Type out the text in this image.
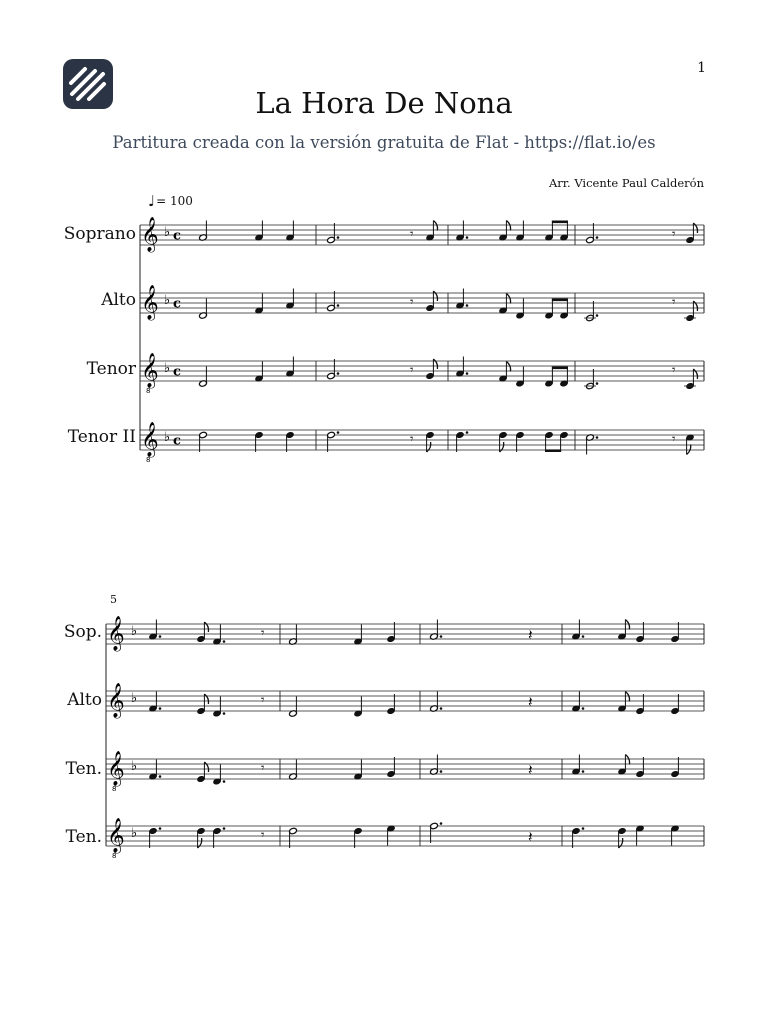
1
La Hora De Nona
Partitura creada con la versión gratuita de Flat - https://flat.io/es
Arr. Vicente Paul Calderón
♩ = 100
5
Soprano
Alto
Tenor
Tenor II
Sop.
Alto
Ten.
Ten.
𝄞 ♭ c	𝄾	𝄾
𝄞 ♭ c	𝄾	𝄾
𝄞
8
♭ c	𝄾	𝄾
𝄞
8
♭ c	𝄾	𝄾
𝄞 ♭	𝄾	𝄽
𝄞 ♭	𝄾	𝄽
𝄞
8
♭	𝄾	𝄽
𝄞
8
♭	𝄾	𝄽
